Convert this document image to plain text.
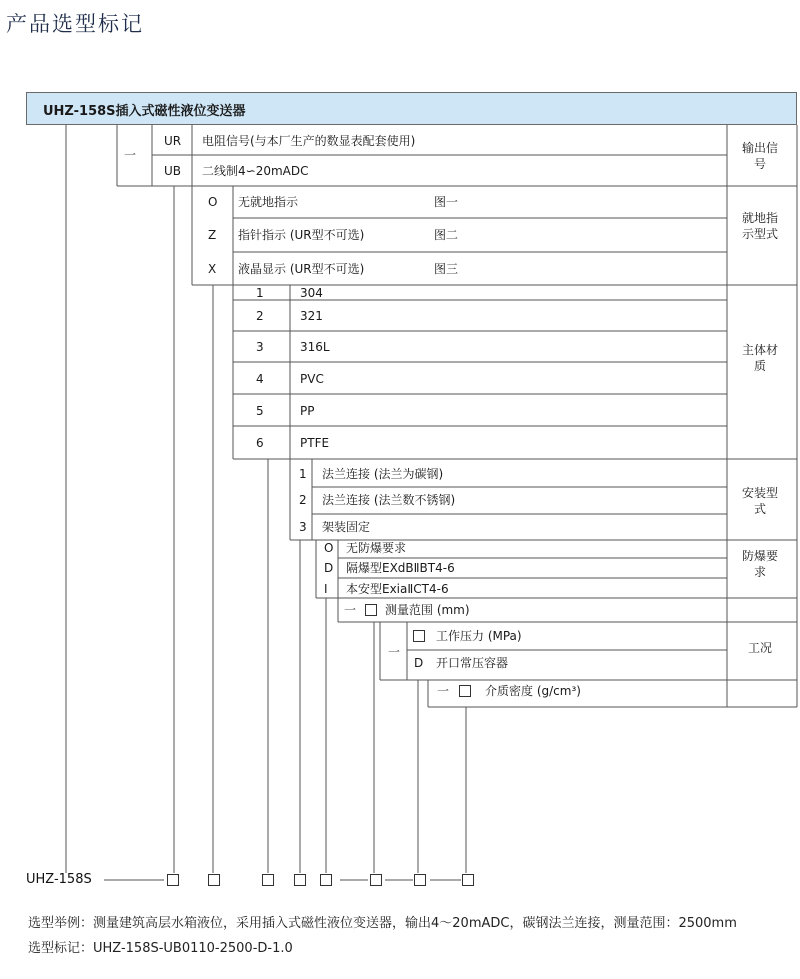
产品选型标记
UHZ-158S插入式磁性液位变送器
一
UR 电阻信号(与本厂生产的数显表配套使用)
UB 二线制4∽20mADC
输出信号
O 无就地指示	图一
Z 指针指示 (UR型不可选)	图二
X 液晶显示 (UR型不可选)	图三
就地指示型式
1	304
2	321
3	316L
4	PVC
5	PP
6	PTFE
主体材质
1 法兰连接 (法兰为碳钢)
2 法兰连接 (法兰数不锈钢)
3 架装固定
安装型式
O 无防爆要求
D 隔爆型EXdBⅡBT4-6
I 本安型ExiaⅡCT4-6
防爆要求
一 测量范围 (mm)
一
工作压力 (MPa)
D 开口常压容器
工况
一	介质密度 (g/cm³)
UHZ-158S
选型举例：测量建筑高层水箱液位，采用插入式磁性液位变送器，输出4～20mADC，碳钢法兰连接，测量范围：2500mm
选型标记：UHZ-158S-UB0110-2500-D-1.0
